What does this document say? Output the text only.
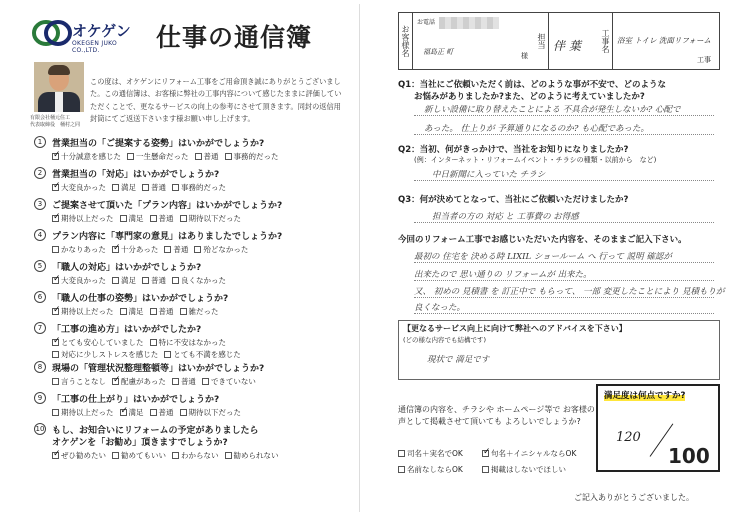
オケゲン
OKEGEN JUKO CO.,LTD.	仕事の通信簿
有限会社桶元住工
代表取締役　桶村之同
この度は、オケゲンにリフォーム工事をご用命頂き誠にありがとうございました。この通信簿は、お客様に弊社の工事内容について感じたままに評価していただくことで、更なるサービスの向上の参考にさせて頂きます。同封の返信用封筒にてご返送下さいます様お願い申し上げます。
1	営業担当の「ご提案する姿勢」はいかがでしょうか?
✓十分誠意を感じた 一生懸命だった 普通 事務的だった
2	営業担当の「対応」はいかがでしょうか?
✓大変良かった 満足 普通 事務的だった
3	ご提案させて頂いた「プラン内容」はいかがでしょうか?
✓期待以上だった 満足 普通 期待以下だった
4	プラン内容に「専門家の意見」はありましたでしょうか?
かなりあった ✓ 十分あった 普通 殆どなかった
5	「職人の対応」はいかがでしょうか?
✓大変良かった 満足 普通 良くなかった
6	「職人の仕事の姿勢」はいかがでしょうか?
✓期待以上だった 満足 普通 雑だった
7	「工事の進め方」はいかがでしたか?
✓とても安心していました 特に不安はなかった
対応に少しストレスを感じた とても不満を感じた
8	現場の「管理状況整理整頓等」はいかがでしょうか?
言うことなし ✓ 配慮があった 普通 できていない
9	「工事の仕上がり」はいかがでしょうか?
期待以上だった ✓ 満足 普通 期待以下だった
10 もし、お知合いにリフォームの予定がありましたら
オケゲンを「お勧め」頂きますでしょうか?
✓ぜひ勧めたい 勧めてもいい わからない 勧められない
お客様名
お電話
福島正 町	様
担当 伴 葉	工事名 浴室 トイレ 洗面リフォーム
工事
Q1：当社にご依頼いただく前は、どのような事が不安で、どのような
お悩みがありましたか?また、どのように考えていましたか?
新しい設備に取り替えたことによる 不具合が発生しないか? 心配で
あった。 仕上りが 予算通りになるのか? も心配であった。
Q2：当初、何がきっかけで、当社をお知りになりましたか?
(例：インターネット・リフォームイベント・チラシの種類・以前から　など)
中日新聞に入っていた チラシ
Q3：何が決めてとなって、当社にご依頼いただけましたか?
担当者の方の 対応 と 工事費の お得感
今回のリフォーム工事でお感じいただいた内容を、そのままご記入下さい。
最初の 住宅を 決める時 LIXIL ショールーム へ 行って 説明 確認が
出来たので 思い通りの リフォームが 出来た。
又、 初めの 見積書 を 訂正中で もらって、 一部 変更したことにより 見積もりが
良くなった。
【更なるサービス向上に向けて弊社へのアドバイスを下さい】
(どの様な内容でも結構です)
現状で 満足です
満足度は何点ですか?
120
100
通信簿の内容を、チラシや ホームページ等で お客様の声として掲載させて頂いても よろしいでしょうか?
司名＋実名でOK ✓	句名＋イニシャルならOK
名前なしならOK	掲載はしないでほしい
ご記入ありがとうございました。
